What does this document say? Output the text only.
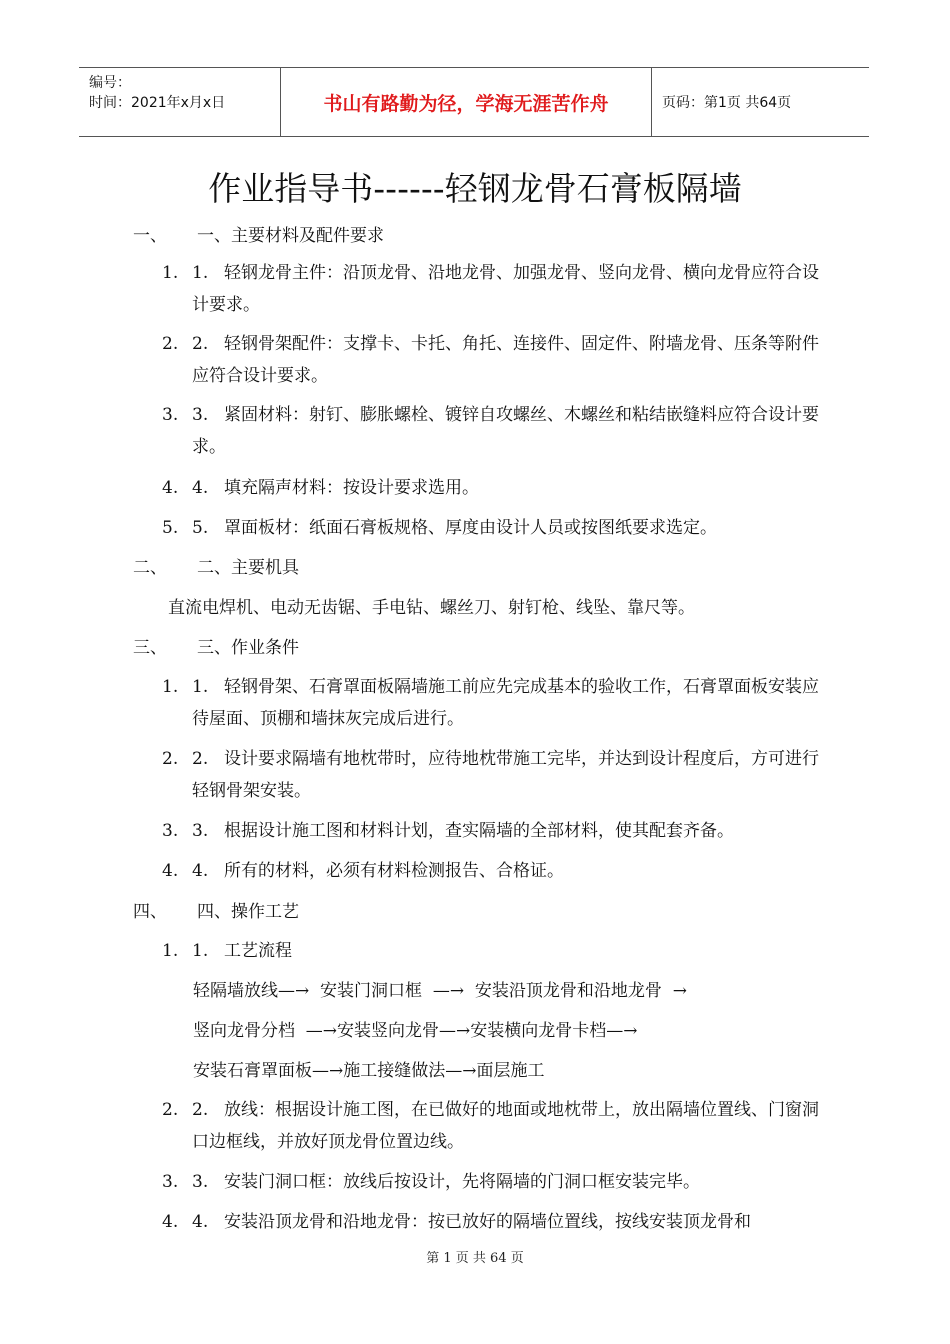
编号：
时间：2021年x月x日	书山有路勤为径，学海无涯苦作舟	页码：第1页 共64页
作业指导书------轻钢龙骨石膏板隔墙
一、 一、主要材料及配件要求
1. 1. 轻钢龙骨主件：沿顶龙骨、沿地龙骨、加强龙骨、竖向龙骨、横向龙骨应符合设计要求。
2. 2. 轻钢骨架配件：支撑卡、卡托、角托、连接件、固定件、附墙龙骨、压条等附件应符合设计要求。
3. 3. 紧固材料：射钉、膨胀螺栓、镀锌自攻螺丝、木螺丝和粘结嵌缝料应符合设计要求。
4. 4. 填充隔声材料：按设计要求选用。
5. 5. 罩面板材：纸面石膏板规格、厚度由设计人员或按图纸要求选定。
二、 二、主要机具
直流电焊机、电动无齿锯、手电钻、螺丝刀、射钉枪、线坠、靠尺等。
三、 三、作业条件
1. 1. 轻钢骨架、石膏罩面板隔墙施工前应先完成基本的验收工作，石膏罩面板安装应待屋面、顶棚和墙抹灰完成后进行。
2. 2. 设计要求隔墙有地枕带时，应待地枕带施工完毕，并达到设计程度后，方可进行轻钢骨架安装。
3. 3. 根据设计施工图和材料计划，查实隔墙的全部材料，使其配套齐备。
4. 4. 所有的材料，必须有材料检测报告、合格证。
四、 四、操作工艺
1. 1. 工艺流程
轻隔墙放线—→  安装门洞口框  —→  安装沿顶龙骨和沿地龙骨  →
竖向龙骨分档  —→安装竖向龙骨—→安装横向龙骨卡档—→
安装石膏罩面板—→施工接缝做法—→面层施工
2. 2. 放线：根据设计施工图，在已做好的地面或地枕带上，放出隔墙位置线、门窗洞口边框线，并放好顶龙骨位置边线。
3. 3. 安装门洞口框：放线后按设计，先将隔墙的门洞口框安装完毕。
4. 4. 安装沿顶龙骨和沿地龙骨：按已放好的隔墙位置线，按线安装顶龙骨和
第 1 页 共 64 页
